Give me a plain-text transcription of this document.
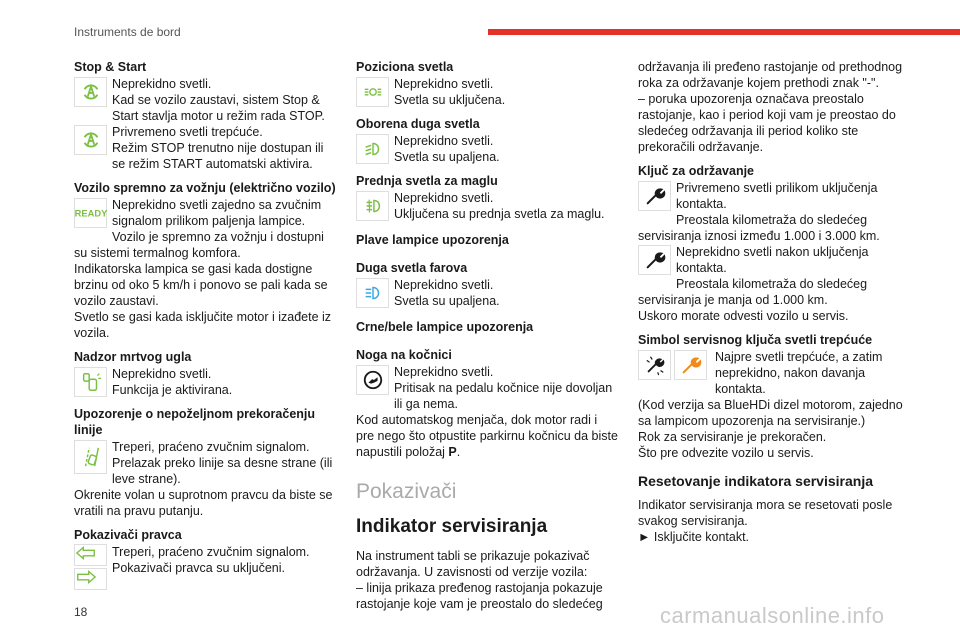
Instruments de bord
Stop & Start

Neprekidno svetli.

Kad se vozilo zaustavi, sistem Stop & Start stavlja motor u režim rada STOP.

Privremeno svetli trepćuće.

Režim STOP trenutno nije dostupan ili se režim START automatski aktivira.

Vozilo spremno za vožnju (električno vozilo)
READY

Neprekidno svetli zajedno sa zvučnim signalom prilikom paljenja lampice.

Vozilo je spremno za vožnju i dostupni su sistemi termalnog komfora.

Indikatorska lampica se gasi kada dostigne brzinu od oko 5 km/h i ponovo se pali kada se vozilo zaustavi.

Svetlo se gasi kada isključite motor i izađete iz vozila.

Nadzor mrtvog ugla

Neprekidno svetli.

Funkcija je aktivirana.

Upozorenje o nepoželjnom prekoračenju linije

Treperi, praćeno zvučnim signalom.

Prelazak preko linije sa desne strane (ili leve strane).

Okrenite volan u suprotnom pravcu da biste se vratili na pravu putanju.

Pokazivači pravca

Treperi, praćeno zvučnim signalom.

Pokazivači pravca su uključeni.

Poziciona svetla

Neprekidno svetli.

Svetla su uključena.

Oborena duga svetla

Neprekidno svetli.

Svetla su upaljena.

Prednja svetla za maglu

Neprekidno svetli.

Uključena su prednja svetla za maglu.

Plave lampice upozorenja
Duga svetla farova

Neprekidno svetli.

Svetla su upaljena.

Crne/bele lampice upozorenja
Noga na kočnici

Neprekidno svetli.

Pritisak na pedalu kočnice nije dovoljan ili ga nema.

Kod automatskog menjača, dok motor radi i pre nego što otpustite parkirnu kočnicu da biste napustili položaj P.

Pokazivači
Indikator servisiranja

Na instrument tabli se prikazuje pokazivač održavanja. U zavisnosti od verzije vozila:

– linija prikaza pređenog rastojanja pokazuje rastojanje koje vam je preostalo do sledećeg

održavanja ili pređeno rastojanje od prethodnog roka za održavanje kojem prethodi znak "-".

– poruka upozorenja označava preostalo rastojanje, kao i period koji vam je preostao do sledećeg održavanja ili period koliko ste prekoračili održavanje.

Ključ za održavanje

Privremeno svetli prilikom uključenja kontakta.

Preostala kilometraža do sledećeg servisiranja iznosi između 1.000 i 3.000 km.

Neprekidno svetli nakon uključenja kontakta.

Preostala kilometraža do sledećeg servisiranja je manja od 1.000 km.

Uskoro morate odvesti vozilo u servis.

Simbol servisnog ključa svetli trepćuće

Najpre svetli trepćuće, a zatim neprekidno, nakon davanja kontakta.

(Kod verzija sa BlueHDi dizel motorom, zajedno sa lampicom upozorenja na servisiranje.)

Rok za servisiranje je prekoračen.

Što pre odvezite vozilo u servis.

Resetovanje indikatora servisiranja

Indikator servisiranja mora se resetovati posle svakog servisiranja.

► Isključite kontakt.

18	carmanualsonline.info
